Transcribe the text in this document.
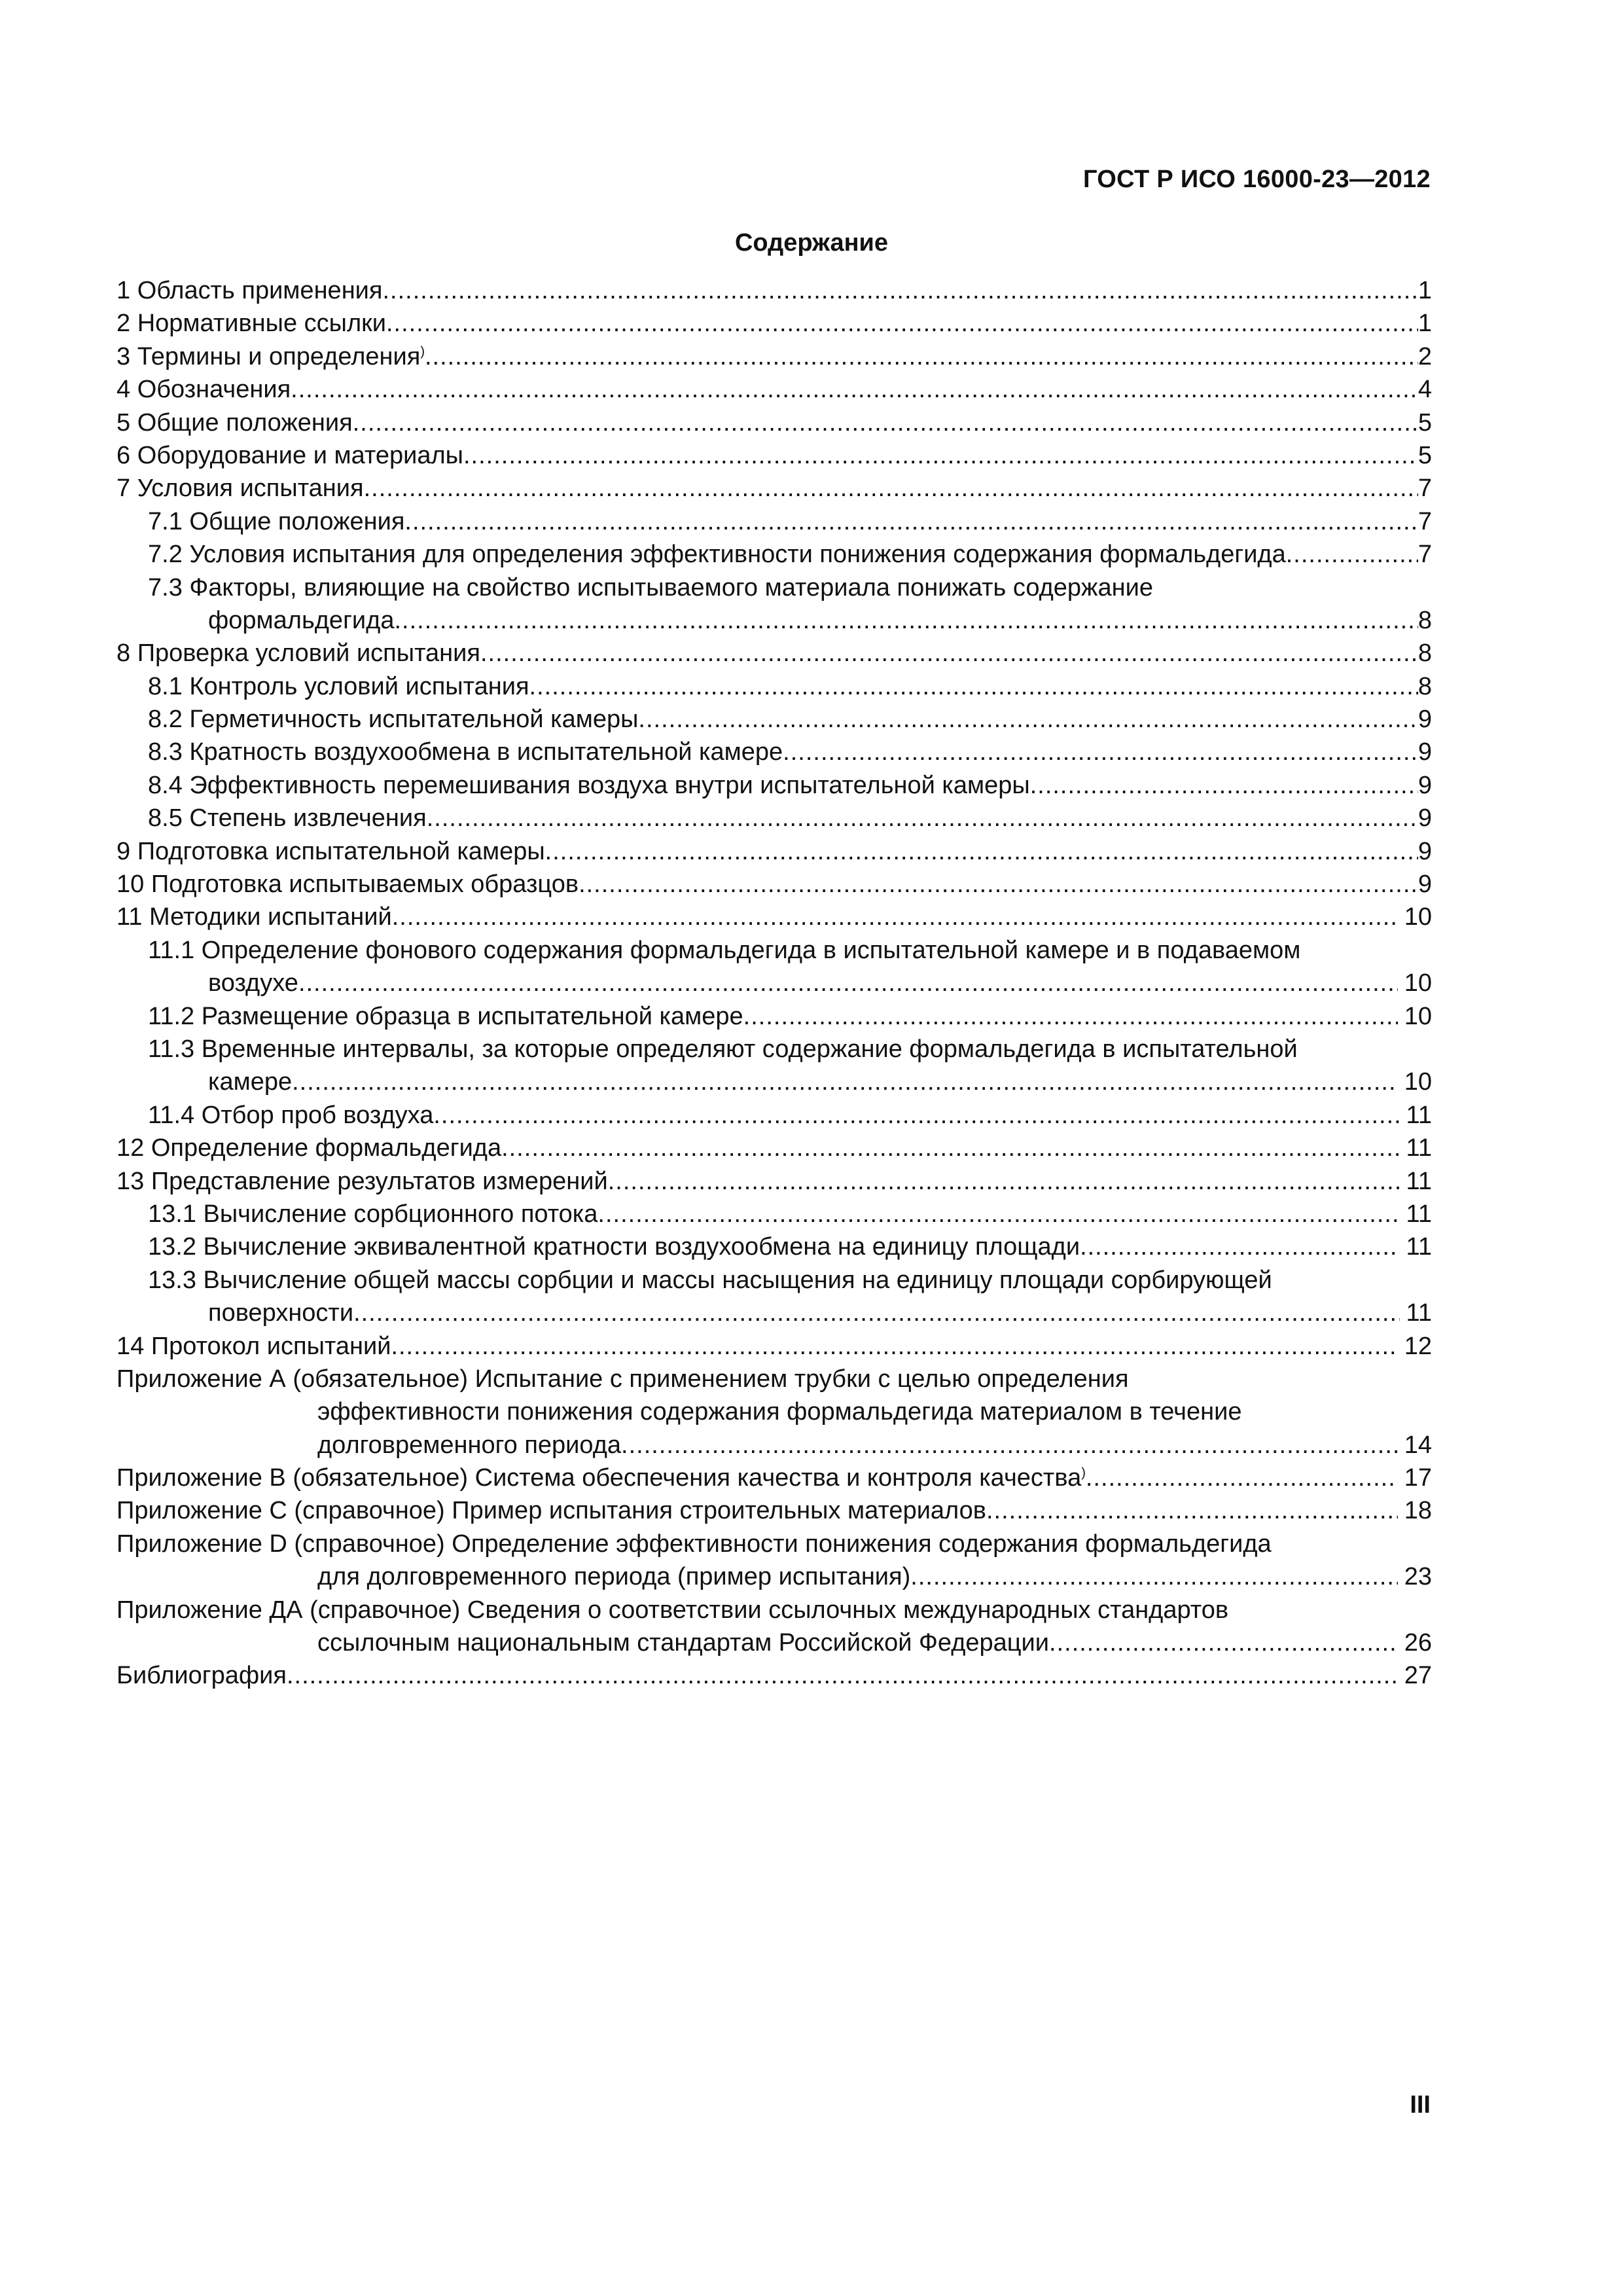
ГОСТ Р ИСО 16000-23—2012
Содержание
1 Область применения .....	1
2 Нормативные ссылки .....	1
3 Термины и определения) .....	2
4 Обозначения .....	4
5 Общие положения .....	5
6 Оборудование и материалы .....	5
7 Условия испытания .....	7
7.1 Общие положения .....	7
7.2 Условия испытания для определения эффективности понижения содержания формальдегида .....	7
7.3 Факторы, влияющие на свойство испытываемого материала понижать содержание
формальдегида .....	8
8 Проверка условий испытания .....	8
8.1 Контроль условий испытания .....	8
8.2 Герметичность испытательной камеры .....	9
8.3 Кратность воздухообмена в испытательной камере .....	9
8.4 Эффективность перемешивания воздуха внутри испытательной камеры .....	9
8.5 Степень извлечения .....	9
9 Подготовка испытательной камеры .....	9
10 Подготовка испытываемых образцов .....	9
11 Методики испытаний .....	10
11.1 Определение фонового содержания формальдегида в испытательной камере и в подаваемом
воздухе .....	10
11.2 Размещение образца в испытательной камере .....	10
11.3 Временные интервалы, за которые определяют содержание формальдегида в испытательной
камере .....	10
11.4 Отбор проб воздуха .....	11
12 Определение формальдегида .....	11
13 Представление результатов измерений .....	11
13.1 Вычисление сорбционного потока .....	11
13.2 Вычисление эквивалентной кратности воздухообмена на единицу площади .....	11
13.3 Вычисление общей массы сорбции и массы насыщения на единицу площади сорбирующей
поверхности .....	11
14 Протокол испытаний .....	12
Приложение А (обязательное) Испытание с применением трубки с целью определения
эффективности понижения содержания формальдегида материалом в течение
долговременного периода .....	14
Приложение В (обязательное) Система обеспечения качества и контроля качества) .....	17
Приложение С (справочное) Пример испытания строительных материалов .....	18
Приложение D (справочное) Определение эффективности понижения содержания формальдегида
для долговременного периода (пример испытания) .....	23
Приложение ДА (справочное) Сведения о соответствии ссылочных международных стандартов
ссылочным национальным стандартам Российской Федерации .....	26
Библиография .....	27
III
